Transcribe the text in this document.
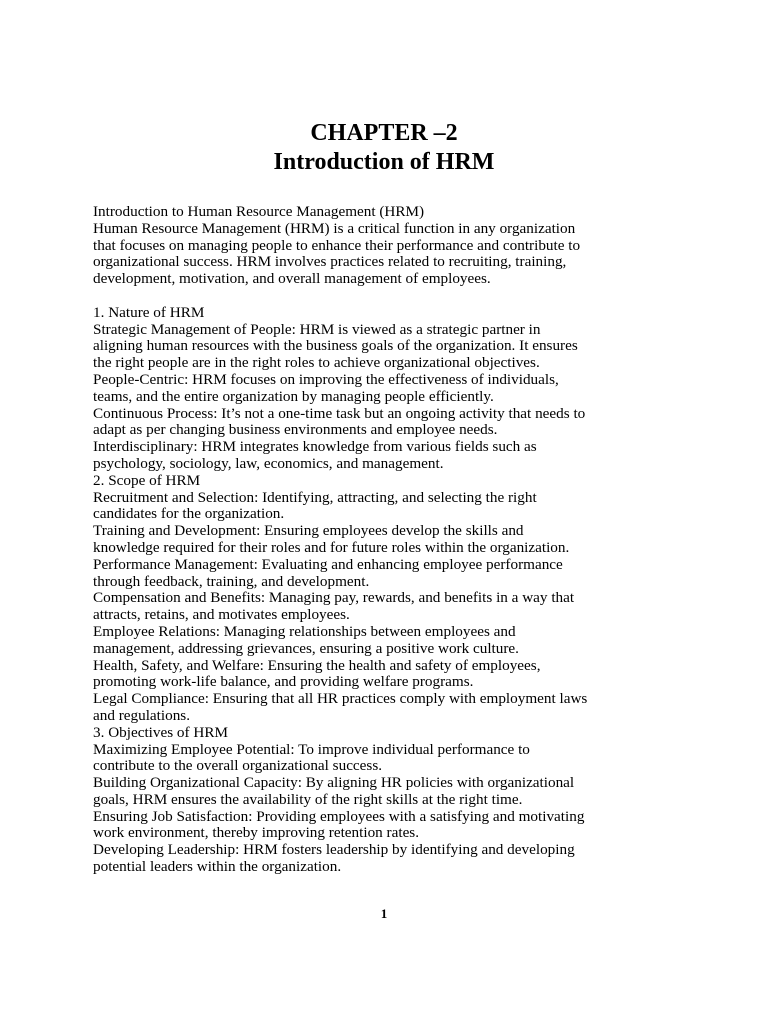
CHAPTER –2
Introduction of HRM
Introduction to Human Resource Management (HRM)
Human Resource Management (HRM) is a critical function in any organization
that focuses on managing people to enhance their performance and contribute to
organizational success. HRM involves practices related to recruiting, training,
development, motivation, and overall management of employees.
1. Nature of HRM
Strategic Management of People: HRM is viewed as a strategic partner in
aligning human resources with the business goals of the organization. It ensures
the right people are in the right roles to achieve organizational objectives.
People-Centric: HRM focuses on improving the effectiveness of individuals,
teams, and the entire organization by managing people efficiently.
Continuous Process: It’s not a one-time task but an ongoing activity that needs to
adapt as per changing business environments and employee needs.
Interdisciplinary: HRM integrates knowledge from various fields such as
psychology, sociology, law, economics, and management.
2. Scope of HRM
Recruitment and Selection: Identifying, attracting, and selecting the right
candidates for the organization.
Training and Development: Ensuring employees develop the skills and
knowledge required for their roles and for future roles within the organization.
Performance Management: Evaluating and enhancing employee performance
through feedback, training, and development.
Compensation and Benefits: Managing pay, rewards, and benefits in a way that
attracts, retains, and motivates employees.
Employee Relations: Managing relationships between employees and
management, addressing grievances, ensuring a positive work culture.
Health, Safety, and Welfare: Ensuring the health and safety of employees,
promoting work-life balance, and providing welfare programs.
Legal Compliance: Ensuring that all HR practices comply with employment laws
and regulations.
3. Objectives of HRM
Maximizing Employee Potential: To improve individual performance to
contribute to the overall organizational success.
Building Organizational Capacity: By aligning HR policies with organizational
goals, HRM ensures the availability of the right skills at the right time.
Ensuring Job Satisfaction: Providing employees with a satisfying and motivating
work environment, thereby improving retention rates.
Developing Leadership: HRM fosters leadership by identifying and developing
potential leaders within the organization.
1
